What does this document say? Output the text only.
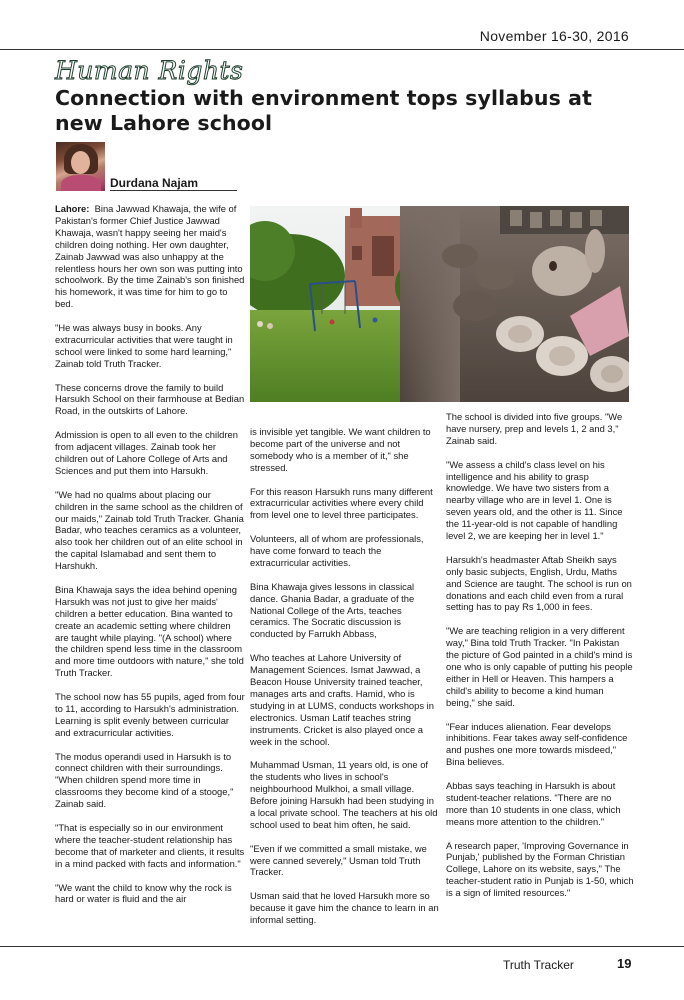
November 16-30, 2016
Human Rights
Connection with environment tops syllabus at new Lahore school
Durdana Najam

Lahore: Bina Jawwad Khawaja, the wife of Pakistan's former Chief Justice Jawwad Khawaja, wasn't happy seeing her maid's children doing nothing. Her own daughter, Zainab Jawwad was also unhappy at the relentless hours her own son was putting into schoolwork. By the time Zainab's son finished his homework, it was time for him to go to bed.

"He was always busy in books. Any extracurricular activities that were taught in school were linked to some hard learning," Zainab told Truth Tracker.

These concerns drove the family to build Harsukh School on their farmhouse at Bedian Road, in the outskirts of Lahore.

Admission is open to all even to the children from adjacent villages. Zainab took her children out of Lahore College of Arts and Sciences and put them into Harsukh.

"We had no qualms about placing our children in the same school as the children of our maids," Zainab told Truth Tracker. Ghania Badar, who teaches ceramics as a volunteer, also took her children out of an elite school in the capital Islamabad and sent them to Harshukh.

Bina Khawaja says the idea behind opening Harsukh was not just to give her maids' children a better education. Bina wanted to create an academic setting where children are taught while playing. "(A school) where the children spend less time in the classroom and more time outdoors with nature," she told Truth Tracker.

The school now has 55 pupils, aged from four to 11, according to Harsukh's administration. Learning is split evenly between curricular and extracurricular activities.

The modus operandi used in Harsukh is to connect children with their surroundings. "When children spend more time in classrooms they become kind of a stooge," Zainab said.

"That is especially so in our environment where the teacher-student relationship has become that of marketer and clients, it results in a mind packed with facts and information."

"We want the child to know why the rock is hard or water is fluid and the air

is invisible yet tangible. We want children to become part of the universe and not somebody who is a member of it," she stressed.

For this reason Harsukh runs many different extracurricular activities where every child from level one to level three participates.

Volunteers, all of whom are professionals, have come forward to teach the extracurricular activities.

Bina Khawaja gives lessons in classical dance. Ghania Badar, a graduate of the National College of the Arts, teaches ceramics. The Socratic discussion is conducted by Farrukh Abbass,

Who teaches at Lahore University of Management Sciences. Ismat Jawwad, a Beacon House University trained teacher, manages arts and crafts. Hamid, who is studying in at LUMS, conducts workshops in electronics. Usman Latif teaches string instruments. Cricket is also played once a week in the school.

Muhammad Usman, 11 years old, is one of the students who lives in school's neighbourhood Mulkhoi, a small village. Before joining Harsukh had been studying in a local private school. The teachers at his old school used to beat him often, he said.

"Even if we committed a small mistake, we were canned severely," Usman told Truth Tracker.

Usman said that he loved Harsukh more so because it gave him the chance to learn in an informal setting.

The school is divided into five groups. "We have nursery, prep and levels 1, 2 and 3," Zainab said.

"We assess a child's class level on his intelligence and his ability to grasp knowledge. We have two sisters from a nearby village who are in level 1. One is seven years old, and the other is 11. Since the 11-year-old is not capable of handling level 2, we are keeping her in level 1."

Harsukh's headmaster Aftab Sheikh says only basic subjects, English, Urdu, Maths and Science are taught. The school is run on donations and each child even from a rural setting has to pay Rs 1,000 in fees.

"We are teaching religion in a very different way," Bina told Truth Tracker. "In Pakistan the picture of God painted in a child's mind is one who is only capable of putting his people either in Hell or Heaven. This hampers a child's ability to become a kind human being," she said.

"Fear induces alienation. Fear develops inhibitions. Fear takes away self-confidence and pushes one more towards misdeed," Bina believes.

Abbas says teaching in Harsukh is about student-teacher relations. "There are no more than 10 students in one class, which means more attention to the children."

A research paper, 'Improving Governance in Punjab,' published by the Forman Christian College, Lahore on its website, says," The teacher-student ratio in Punjab is 1-50, which is a sign of limited resources."

Truth Tracker	19
